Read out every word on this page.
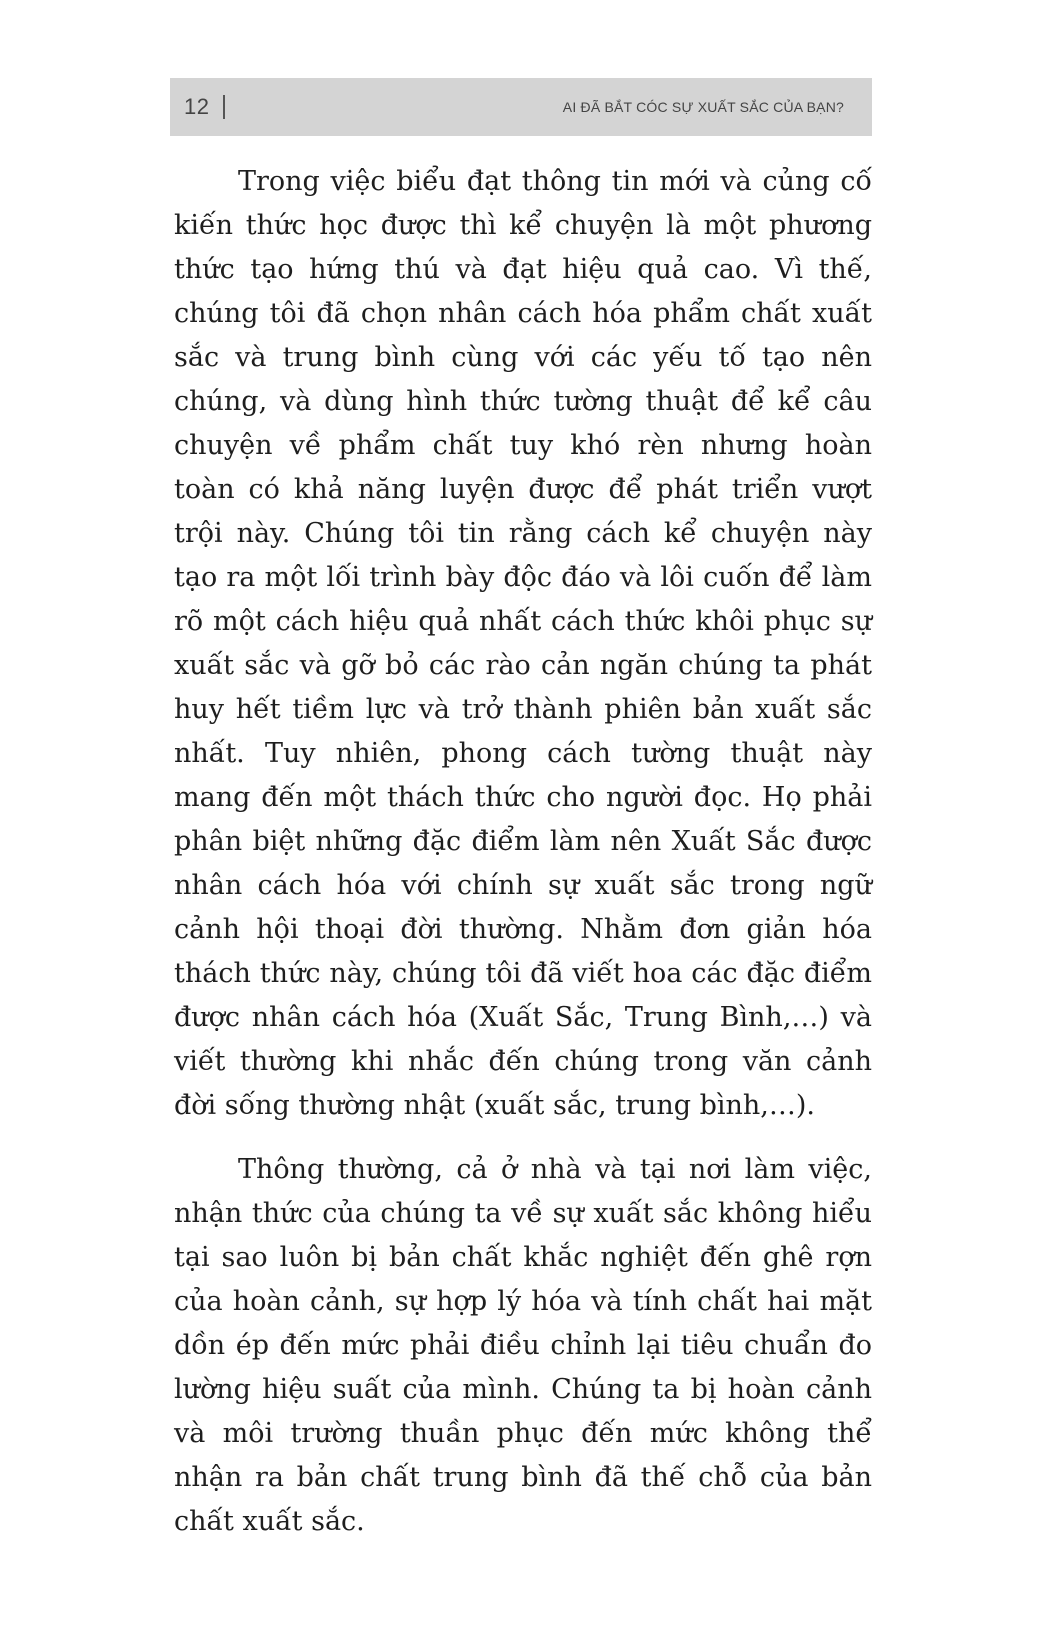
12	AI ĐÃ BẮT CÓC SỰ XUẤT SẮC CỦA BẠN?

Trong việc biểu đạt thông tin mới và củng cố kiến thức học được thì kể chuyện là một phương thức tạo hứng thú và đạt hiệu quả cao. Vì thế, chúng tôi đã chọn nhân cách hóa phẩm chất xuất sắc và trung bình cùng với các yếu tố tạo nên chúng, và dùng hình thức tường thuật để kể câu chuyện về phẩm chất tuy khó rèn nhưng hoàn toàn có khả năng luyện được để phát triển vượt trội này. Chúng tôi tin rằng cách kể chuyện này tạo ra một lối trình bày độc đáo và lôi cuốn để làm rõ một cách hiệu quả nhất cách thức khôi phục sự xuất sắc và gỡ bỏ các rào cản ngăn chúng ta phát huy hết tiềm lực và trở thành phiên bản xuất sắc nhất. Tuy nhiên, phong cách tường thuật này mang đến một thách thức cho người đọc. Họ phải phân biệt những đặc điểm làm nên Xuất Sắc được nhân cách hóa với chính sự xuất sắc trong ngữ cảnh hội thoại đời thường. Nhằm đơn giản hóa thách thức này, chúng tôi đã viết hoa các đặc điểm được nhân cách hóa (Xuất Sắc, Trung Bình,…) và viết thường khi nhắc đến chúng trong văn cảnh đời sống thường nhật (xuất sắc, trung bình,…).

Thông thường, cả ở nhà và tại nơi làm việc, nhận thức của chúng ta về sự xuất sắc không hiểu tại sao luôn bị bản chất khắc nghiệt đến ghê rợn của hoàn cảnh, sự hợp lý hóa và tính chất hai mặt dồn ép đến mức phải điều chỉnh lại tiêu chuẩn đo lường hiệu suất của mình. Chúng ta bị hoàn cảnh và môi trường thuần phục đến mức không thể nhận ra bản chất trung bình đã thế chỗ của bản chất xuất sắc.
